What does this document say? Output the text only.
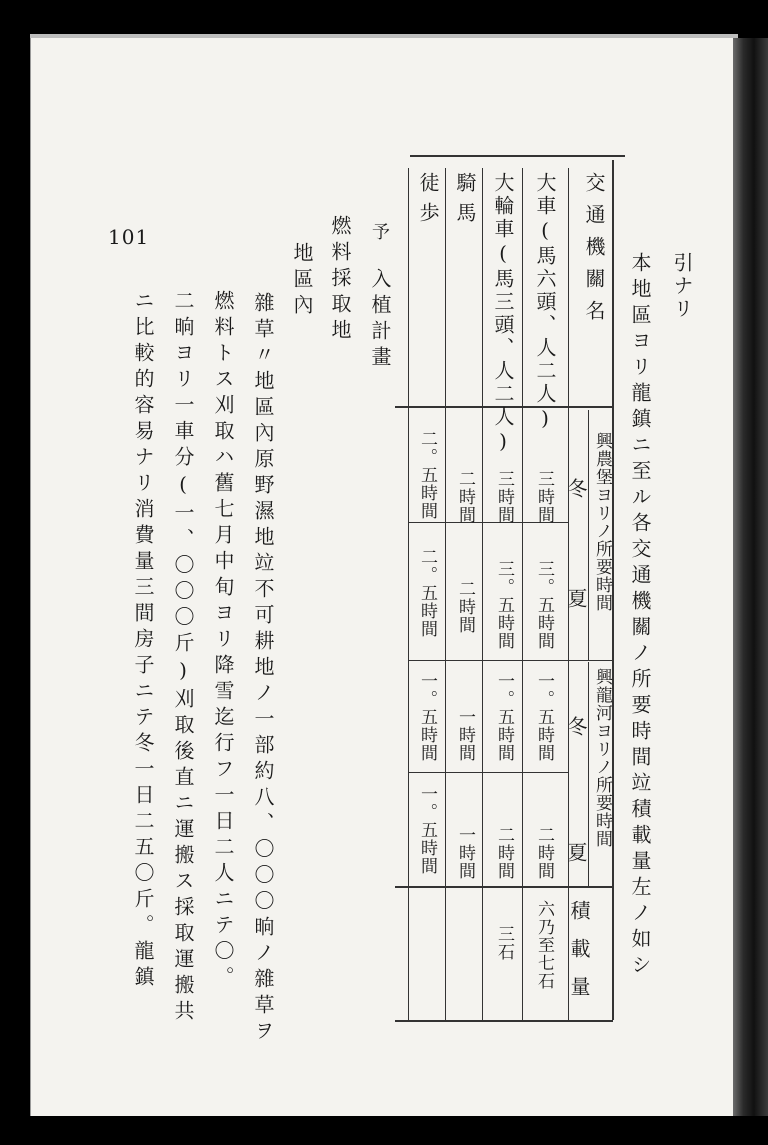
101
引ナリ
本地區ヨリ龍鎮ニ至ル各交通機關ノ所要時間竝積載量左ノ如シ
交通機關名
興農堡ヨリノ所要時間
興龍河ヨリノ所要時間
冬
夏
冬
夏
積載量
大車(馬六頭、人二人)
三時間
三。五時間
一。五時間
二時間
六乃至七石
大輪車(馬三頭、人二人)
三時間
三。五時間
一。五時間
二時間
三石
騎馬
二時間
二時間
一時間
一時間
徒歩
二。五時間
二。五時間
一。五時間
一。五時間
予
入植計畫
燃料採取地
地區內
雜草〃地區內原野濕地竝不可耕地ノ一部約八、〇〇〇晌ノ雜草ヲ
燃料トス刈取ハ舊七月中旬ヨリ降雪迄行フ一日二人ニテ〇。
二晌ヨリ一車分(一、〇〇〇斤)刈取後直ニ運搬ス採取運搬共
ニ比較的容易ナリ消費量三間房子ニテ冬一日二五〇斤。龍鎮
